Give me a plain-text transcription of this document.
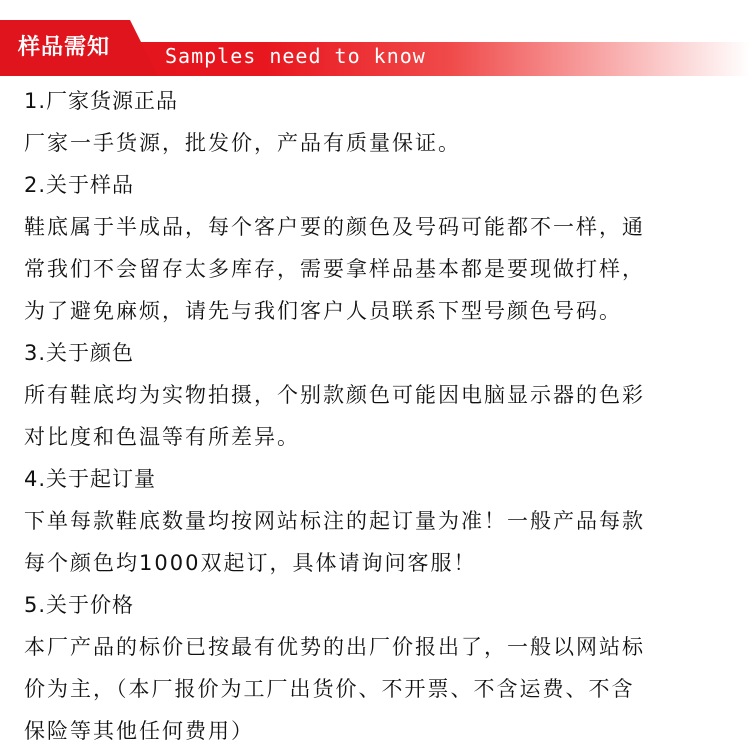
样品需知	Samples need to know
1.厂家货源正品
厂家一手货源，批发价，产品有质量保证。
2.关于样品
鞋底属于半成品，每个客户要的颜色及号码可能都不一样，通
常我们不会留存太多库存，需要拿样品基本都是要现做打样，
为了避免麻烦，请先与我们客户人员联系下型号颜色号码。
3.关于颜色
所有鞋底均为实物拍摄，个别款颜色可能因电脑显示器的色彩
对比度和色温等有所差异。
4.关于起订量
下单每款鞋底数量均按网站标注的起订量为准！一般产品每款
每个颜色均1000双起订，具体请询问客服！
5.关于价格
本厂产品的标价已按最有优势的出厂价报出了，一般以网站标
价为主，（本厂报价为工厂出货价、不开票、不含运费、不含
保险等其他任何费用）
